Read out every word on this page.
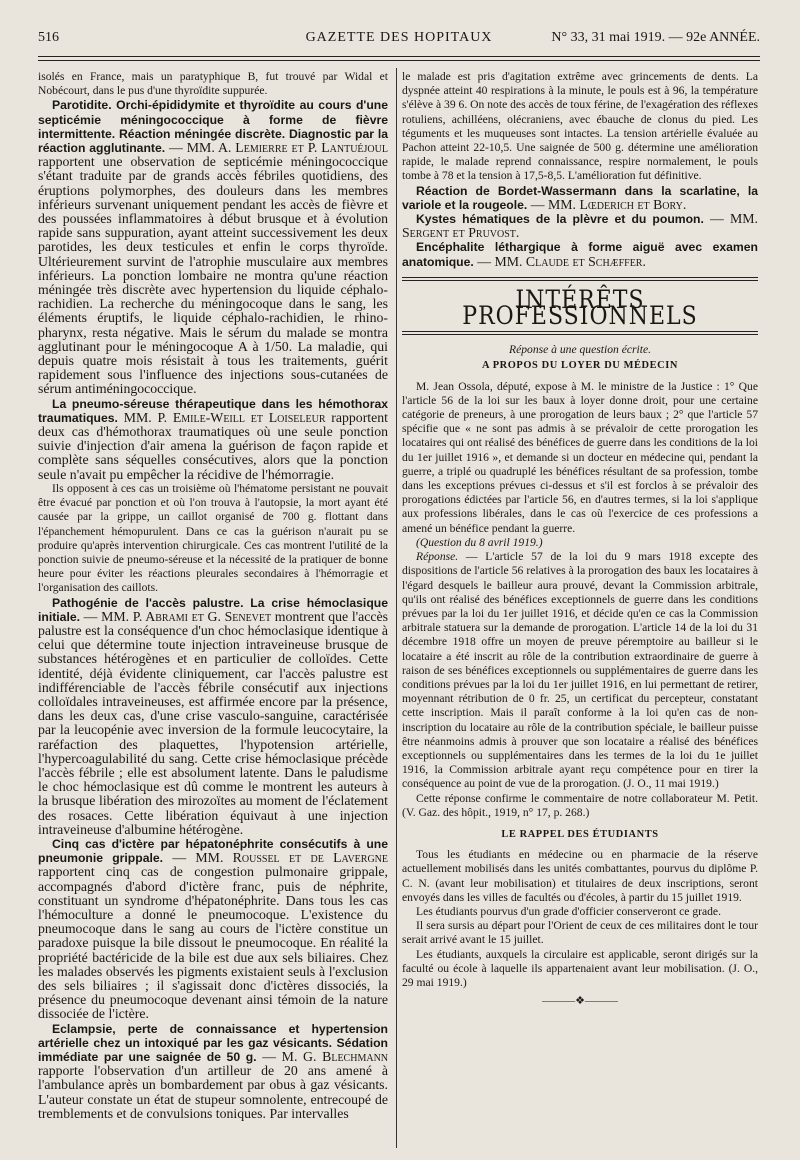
516	GAZETTE DES HOPITAUX	N° 33, 31 mai 1919. — 92e ANNÉE.

isolés en France, mais un paratyphique B, fut trouvé par Widal et Nobécourt, dans le pus d'une thyroïdite suppurée.

Parotidite. Orchi-épididymite et thyroïdite au cours d'une septicémie méningococcique à forme de fièvre intermittente. Réaction méningée discrète. Diagnostic par la réaction agglutinante. — MM. A. Lemierre et P. Lantuéjoul rapportent une observation de septicémie méningococcique s'étant traduite par de grands accès fébriles quotidiens, des éruptions polymorphes, des douleurs dans les membres inférieurs survenant uniquement pendant les accès de fièvre et des poussées inflammatoires à début brusque et à évolution rapide sans suppuration, ayant atteint successivement les deux parotides, les deux testicules et enfin le corps thyroïde. Ultérieurement survint de l'atrophie musculaire aux membres inférieurs. La ponction lombaire ne montra qu'une réaction méningée très discrète avec hypertension du liquide céphalo-rachidien. La recherche du méningocoque dans le sang, les éléments éruptifs, le liquide céphalo-rachidien, le rhino-pharynx, resta négative. Mais le sérum du malade se montra agglutinant pour le méningocoque A à 1/50. La maladie, qui depuis quatre mois résistait à tous les traitements, guérit rapidement sous l'influence des injections sous-cutanées de sérum antiméningococcique.

La pneumo-séreuse thérapeutique dans les hémothorax traumatiques. MM. P. Emile-Weill et Loiseleur rapportent deux cas d'hémothorax traumatiques où une seule ponction suivie d'injection d'air amena la guérison de façon rapide et complète sans séquelles consécutives, alors que la ponction seule n'avait pu empêcher la récidive de l'hémorragie.

Ils opposent à ces cas un troisième où l'hématome persistant ne pouvait être évacué par ponction et où l'on trouva à l'autopsie, la mort ayant été causée par la grippe, un caillot organisé de 700 g. flottant dans l'épanchement hémopurulent. Dans ce cas la guérison n'aurait pu se produire qu'après intervention chirurgicale. Ces cas montrent l'utilité de la ponction suivie de pneumo-séreuse et la nécessité de la pratiquer de bonne heure pour éviter les réactions pleurales secondaires à l'hémorragie et l'organisation des caillots.

Pathogénie de l'accès palustre. La crise hémoclasique initiale. — MM. P. Abrami et G. Senevet montrent que l'accès palustre est la conséquence d'un choc hémoclasique identique à celui que détermine toute injection intraveineuse brusque de substances hétérogènes et en particulier de colloïdes. Cette identité, déjà évidente cliniquement, car l'accès palustre est indifférenciable de l'accès fébrile consécutif aux injections colloïdales intraveineuses, est affirmée encore par la présence, dans les deux cas, d'une crise vasculo-sanguine, caractérisée par la leucopénie avec inversion de la formule leucocytaire, la raréfaction des plaquettes, l'hypotension artérielle, l'hypercoagulabilité du sang. Cette crise hémoclasique précède l'accès fébrile ; elle est absolument latente. Dans le paludisme le choc hémoclasique est dû comme le montrent les auteurs à la brusque libération des mirozoïtes au moment de l'éclatement des rosaces. Cette libération équivaut à une injection intraveineuse d'albumine hétérogène.

Cinq cas d'ictère par hépatonéphrite consécutifs à une pneumonie grippale. — MM. Roussel et de Lavergne rapportent cinq cas de congestion pulmonaire grippale, accompagnés d'abord d'ictère franc, puis de néphrite, constituant un syndrome d'hépatonéphrite. Dans tous les cas l'hémoculture a donné le pneumocoque. L'existence du pneumocoque dans le sang au cours de l'ictère constitue un paradoxe puisque la bile dissout le pneumocoque. En réalité la propriété bactéricide de la bile est due aux sels biliaires. Chez les malades observés les pigments existaient seuls à l'exclusion des sels biliaires ; il s'agissait donc d'ictères dissociés, la présence du pneumocoque devenant ainsi témoin de la nature dissociée de l'ictère.

Eclampsie, perte de connaissance et hypertension artérielle chez un intoxiqué par les gaz vésicants. Sédation immédiate par une saignée de 50 g. — M. G. Blechmann rapporte l'observation d'un artilleur de 20 ans amené à l'ambulance après un bombardement par obus à gaz vésicants. L'auteur constate un état de stupeur somnolente, entrecoupé de tremblements et de convulsions toniques. Par intervalles

le malade est pris d'agitation extrême avec grincements de dents. La dyspnée atteint 40 respirations à la minute, le pouls est à 96, la température s'élève à 39 6. On note des accès de toux férine, de l'exagération des réflexes rotuliens, achilléens, olécraniens, avec ébauche de clonus du pied. Les téguments et les muqueuses sont intactes. La tension artérielle évaluée au Pachon atteint 22-10,5. Une saignée de 500 g. détermine une amélioration rapide, le malade reprend connaissance, respire normalement, le pouls tombe à 78 et la tension à 17,5-8,5. L'amélioration fut définitive.

Réaction de Bordet-Wassermann dans la scarlatine, la variole et la rougeole. — MM. Lœderich et Bory.

Kystes hématiques de la plèvre et du poumon. — MM. Sergent et Pruvost.

Encéphalite léthargique à forme aiguë avec examen anatomique. — MM. Claude et Schæffer.

INTÉRÊTS PROFESSIONNELS
Réponse à une question écrite.
A PROPOS DU LOYER DU MÉDECIN

M. Jean Ossola, député, expose à M. le ministre de la Justice : 1° Que l'article 56 de la loi sur les baux à loyer donne droit, pour une certaine catégorie de preneurs, à une prorogation de leurs baux ; 2° que l'article 57 spécifie que « ne sont pas admis à se prévaloir de cette prorogation les locataires qui ont réalisé des bénéfices de guerre dans les conditions de la loi du 1er juillet 1916 », et demande si un docteur en médecine qui, pendant la guerre, a triplé ou quadruplé les bénéfices résultant de sa profession, tombe dans les exceptions prévues ci-dessus et s'il est forclos à se prévaloir des prorogations édictées par l'article 56, en d'autres termes, si la loi s'applique aux professions libérales, dans le cas où l'exercice de ces professions a amené un bénéfice pendant la guerre.

(Question du 8 avril 1919.)

Réponse. — L'article 57 de la loi du 9 mars 1918 excepte des dispositions de l'article 56 relatives à la prorogation des baux les locataires à l'égard desquels le bailleur aura prouvé, devant la Commission arbitrale, qu'ils ont réalisé des bénéfices exceptionnels de guerre dans les conditions prévues par la loi du 1er juillet 1916, et décide qu'en ce cas la Commission arbitrale statuera sur la demande de prorogation. L'article 14 de la loi du 31 décembre 1918 offre un moyen de preuve péremptoire au bailleur si le locataire a été inscrit au rôle de la contribution extraordinaire de guerre à raison de ses bénéfices exceptionnels ou supplémentaires de guerre dans les conditions prévues par la loi du 1er juillet 1916, en lui permettant de retirer, moyennant rétribution de 0 fr. 25, un certificat du percepteur, constatant cette inscription. Mais il paraît conforme à la loi qu'en cas de non-inscription du locataire au rôle de la contribution spéciale, le bailleur puisse être néanmoins admis à prouver que son locataire a réalisé des bénéfices exceptionnels ou supplémentaires dans les termes de la loi du 1e juillet 1916, la Commission arbitrale ayant reçu compétence pour en tirer la conséquence au point de vue de la prorogation. (J. O., 11 mai 1919.)

Cette réponse confirme le commentaire de notre collaborateur M. Petit. (V. Gaz. des hôpit., 1919, n° 17, p. 268.)

LE RAPPEL DES ÉTUDIANTS

Tous les étudiants en médecine ou en pharmacie de la réserve actuellement mobilisés dans les unités combattantes, pourvus du diplôme P. C. N. (avant leur mobilisation) et titulaires de deux inscriptions, seront envoyés dans les villes de facultés ou d'écoles, à partir du 15 juillet 1919.

Les étudiants pourvus d'un grade d'officier conserveront ce grade.

Il sera sursis au départ pour l'Orient de ceux de ces militaires dont le tour serait arrivé avant le 15 juillet.

Les étudiants, auxquels la circulaire est applicable, seront dirigés sur la faculté ou école à laquelle ils appartenaient avant leur mobilisation. (J. O., 29 mai 1919.)

———❖———
